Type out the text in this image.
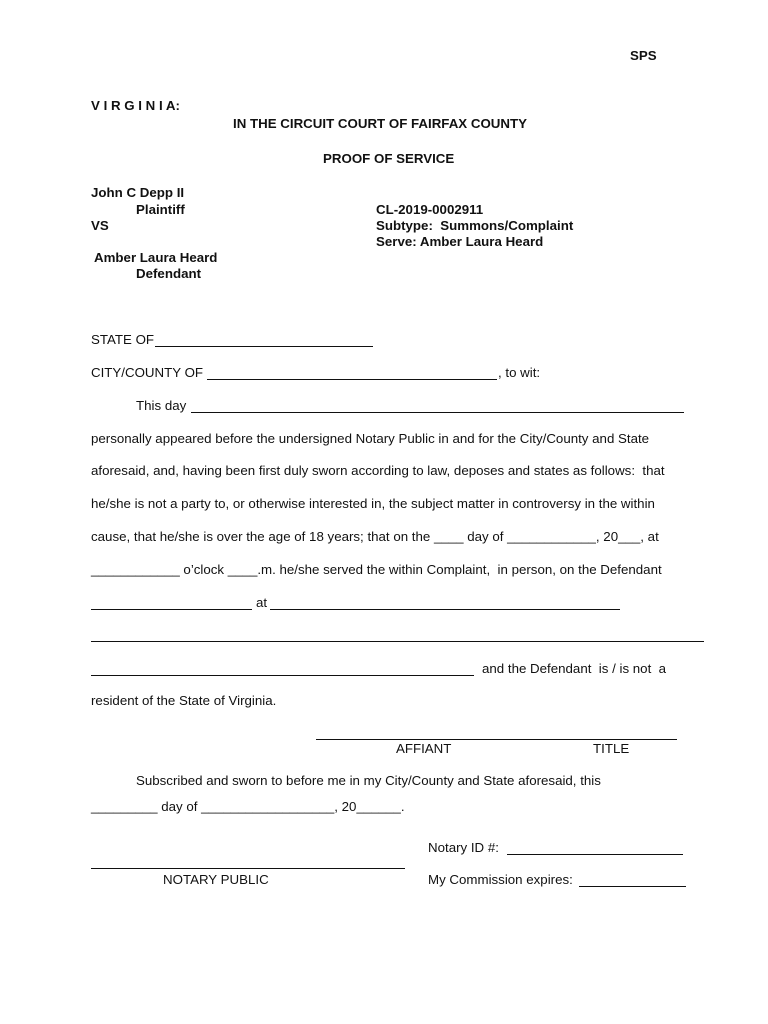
SPS
V I R G I N I A:
IN THE CIRCUIT COURT OF FAIRFAX COUNTY
PROOF OF SERVICE
John C Depp II
Plaintiff
VS
Amber Laura Heard
Defendant
CL-2019-0002911
Subtype:  Summons/Complaint
Serve: Amber Laura Heard
STATE OF
CITY/COUNTY OF	, to wit:
This day
personally appeared before the undersigned Notary Public in and for the City/County and State
aforesaid, and, having been first duly sworn according to law, deposes and states as follows:  that
he/she is not a party to, or otherwise interested in, the subject matter in controversy in the within
cause, that he/she is over the age of 18 years; that on the ____ day of ____________, 20___, at
____________ o’clock ____.m. he/she served the within Complaint,  in person, on the Defendant
at
and the Defendant  is / is not  a
resident of the State of Virginia.
AFFIANT	TITLE
Subscribed and sworn to before me in my City/County and State aforesaid, this
_________ day of __________________, 20______.
Notary ID #:
NOTARY PUBLIC	My Commission expires:
